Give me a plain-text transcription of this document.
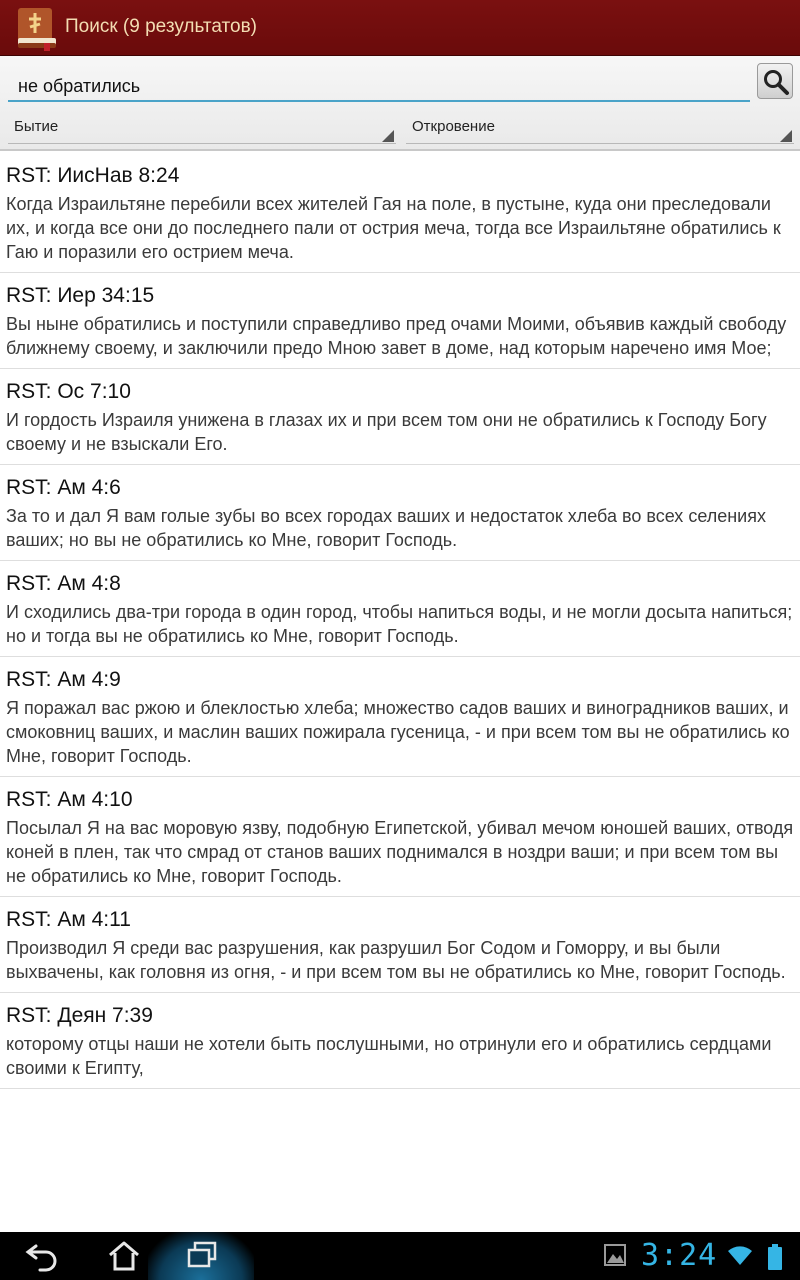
Поиск (9 результатов)
не обратились
Бытие	Откровение
RST: ИисНав 8:24
Когда Израильтяне перебили всех жителей Гая на поле, в пустыне, куда они преследовали их, и когда все они до последнего пали от острия меча, тогда все Израильтяне обратились к Гаю и поразили его острием меча.
RST: Иер 34:15
Вы ныне обратились и поступили справедливо пред очами Моими, объявив каждый свободу ближнему своему, и заключили предо Мною завет в доме, над которым наречено имя Мое;
RST: Ос 7:10
И гордость Израиля унижена в глазах их и при всем том они не обратились к Господу Богу своему и не взыскали Его.
RST: Ам 4:6
За то и дал Я вам голые зубы во всех городах ваших и недостаток хлеба во всех селениях ваших; но вы не обратились ко Мне, говорит Господь.
RST: Ам 4:8
И сходились два-три города в один город, чтобы напиться воды, и не могли досыта напиться; но и тогда вы не обратились ко Мне, говорит Господь.
RST: Ам 4:9
Я поражал вас ржою и блеклостью хлеба; множество садов ваших и виноградников ваших, и смоковниц ваших, и маслин ваших пожирала гусеница, - и при всем том вы не обратились ко Мне, говорит Господь.
RST: Ам 4:10
Посылал Я на вас моровую язву, подобную Египетской, убивал мечом юношей ваших, отводя коней в плен, так что смрад от станов ваших поднимался в ноздри ваши; и при всем том вы не обратились ко Мне, говорит Господь.
RST: Ам 4:11
Производил Я среди вас разрушения, как разрушил Бог Содом и Гоморру, и вы были выхвачены, как головня из огня, - и при всем том вы не обратились ко Мне, говорит Господь.
RST: Деян 7:39
которому отцы наши не хотели быть послушными, но отринули его и обратились сердцами своими к Египту,
3:24
